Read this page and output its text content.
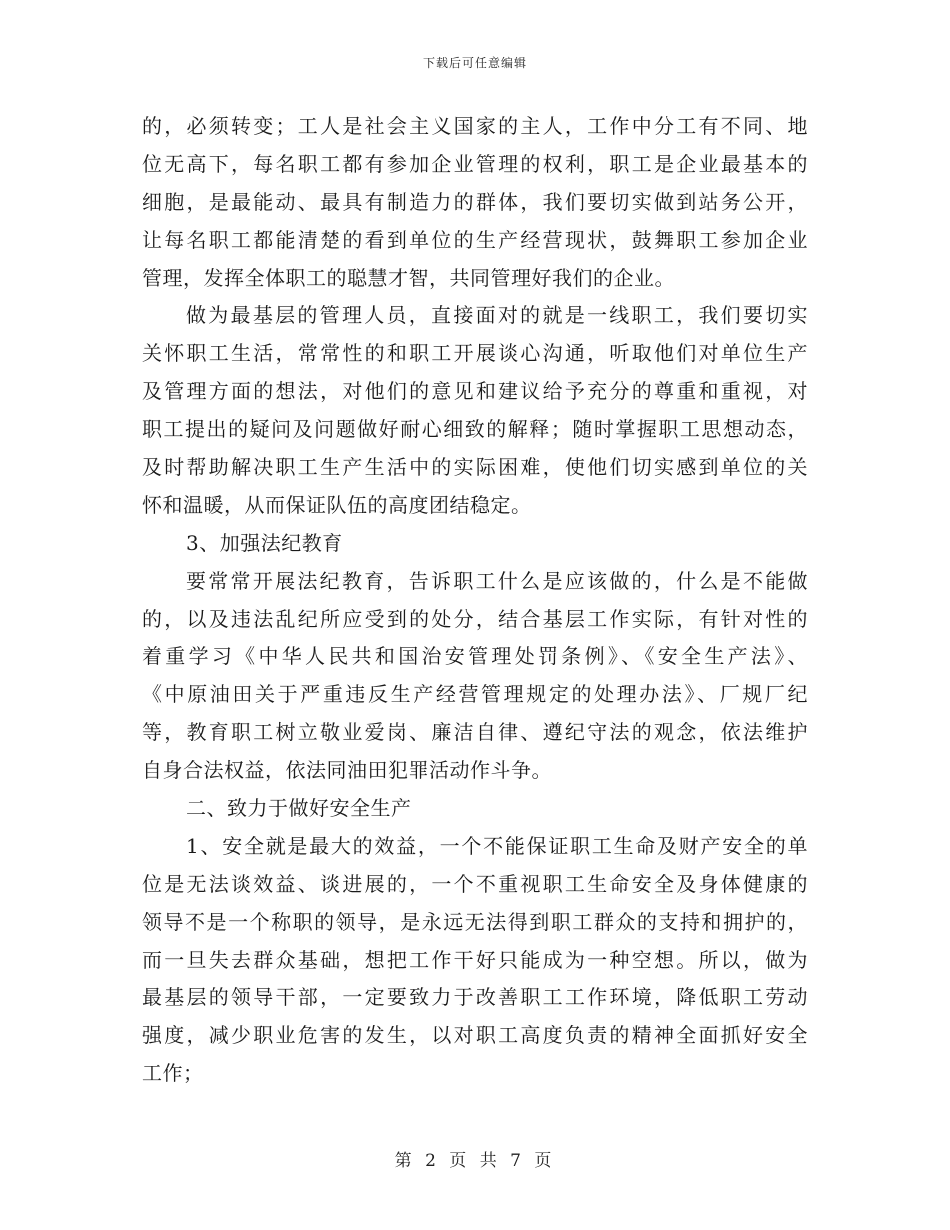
下载后可任意编辑
的，必须转变；工人是社会主义国家的主人，工作中分工有不同、地
位无高下，每名职工都有参加企业管理的权利，职工是企业最基本的
细胞，是最能动、最具有制造力的群体，我们要切实做到站务公开，
让每名职工都能清楚的看到单位的生产经营现状，鼓舞职工参加企业
管理，发挥全体职工的聪慧才智，共同管理好我们的企业。
做为最基层的管理人员，直接面对的就是一线职工，我们要切实
关怀职工生活，常常性的和职工开展谈心沟通，听取他们对单位生产
及管理方面的想法，对他们的意见和建议给予充分的尊重和重视，对
职工提出的疑问及问题做好耐心细致的解释；随时掌握职工思想动态，
及时帮助解决职工生产生活中的实际困难，使他们切实感到单位的关
怀和温暖，从而保证队伍的高度团结稳定。
3、加强法纪教育
要常常开展法纪教育，告诉职工什么是应该做的，什么是不能做
的，以及违法乱纪所应受到的处分，结合基层工作实际，有针对性的
着重学习《中华人民共和国治安管理处罚条例》、《安全生产法》、
《中原油田关于严重违反生产经营管理规定的处理办法》、厂规厂纪
等，教育职工树立敬业爱岗、廉洁自律、遵纪守法的观念，依法维护
自身合法权益，依法同油田犯罪活动作斗争。
二、致力于做好安全生产
1、安全就是最大的效益，一个不能保证职工生命及财产安全的单
位是无法谈效益、谈进展的，一个不重视职工生命安全及身体健康的
领导不是一个称职的领导，是永远无法得到职工群众的支持和拥护的，
而一旦失去群众基础，想把工作干好只能成为一种空想。所以，做为
最基层的领导干部，一定要致力于改善职工工作环境，降低职工劳动
强度，减少职业危害的发生，以对职工高度负责的精神全面抓好安全
工作；
第 2 页 共 7 页
